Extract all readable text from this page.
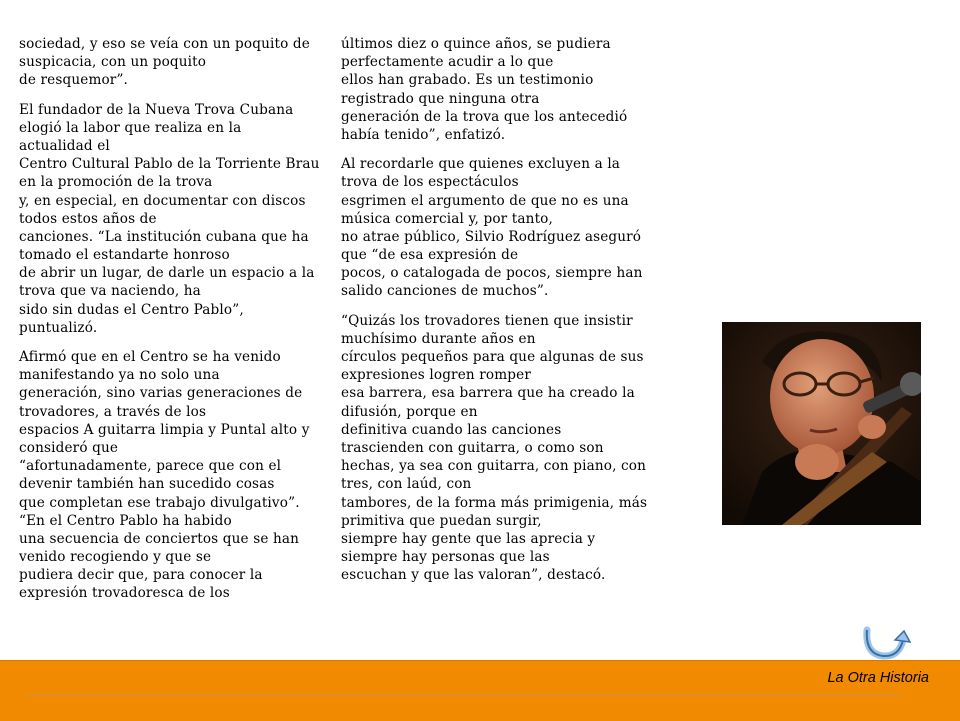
sociedad, y eso se veía con un poquito de
suspicacia, con un poquito
de resquemor”.
El fundador de la Nueva Trova Cubana
elogió la labor que realiza en la
actualidad el
Centro Cultural Pablo de la Torriente Brau
en la promoción de la trova
y, en especial, en documentar con discos
todos estos años de
canciones. “La institución cubana que ha
tomado el estandarte honroso
de abrir un lugar, de darle un espacio a la
trova que va naciendo, ha
sido sin dudas el Centro Pablo”,
puntualizó.
Afirmó que en el Centro se ha venido
manifestando ya no solo una
generación, sino varias generaciones de
trovadores, a través de los
espacios A guitarra limpia y Puntal alto y
consideró que
“afortunadamente, parece que con el
devenir también han sucedido cosas
que completan ese trabajo divulgativo”.
“En el Centro Pablo ha habido
una secuencia de conciertos que se han
venido recogiendo y que se
pudiera decir que, para conocer la
expresión trovadoresca de los
últimos diez o quince años, se pudiera
perfectamente acudir a lo que
ellos han grabado. Es un testimonio
registrado que ninguna otra
generación de la trova que los antecedió
había tenido”, enfatizó.
Al recordarle que quienes excluyen a la
trova de los espectáculos
esgrimen el argumento de que no es una
música comercial y, por tanto,
no atrae público, Silvio Rodríguez aseguró
que “de esa expresión de
pocos, o catalogada de pocos, siempre han
salido canciones de muchos”.
“Quizás los trovadores tienen que insistir
muchísimo durante años en
círculos pequeños para que algunas de sus
expresiones logren romper
esa barrera, esa barrera que ha creado la
difusión, porque en
definitiva cuando las canciones
trascienden con guitarra, o como son
hechas, ya sea con guitarra, con piano, con
tres, con laúd, con
tambores, de la forma más primigenia, más
primitiva que puedan surgir,
siempre hay gente que las aprecia y
siempre hay personas que las
escuchan y que las valoran”, destacó.
La Otra Historia
